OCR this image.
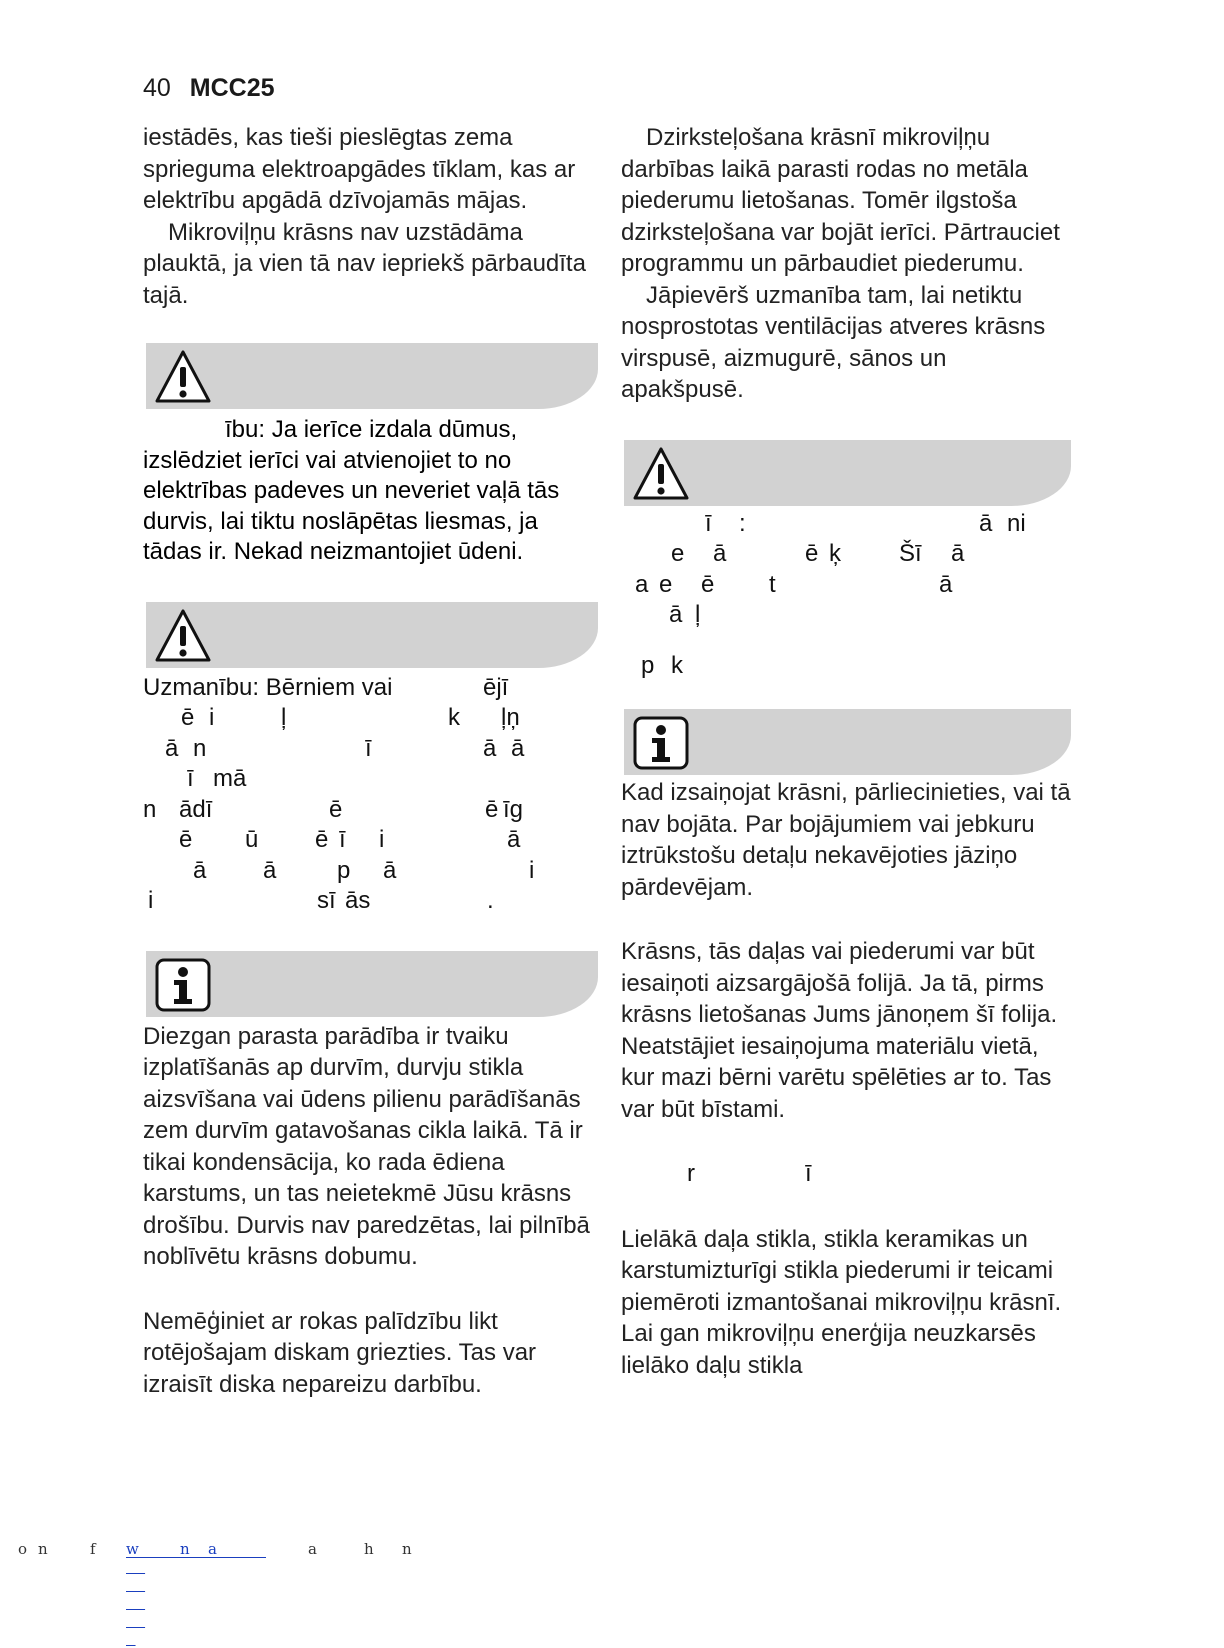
40 MCC25

iestādēs, kas tieši pieslēgtas zema sprieguma elektroapgādes tīklam, kas ar elektrību apgādā dzīvojamās mājas.

Mikroviļņu krāsns nav uzstādāma plauktā, ja vien tā nav iepriekš pārbaudīta tajā.

ību: Ja ierīce izdala dūmus, izslēdziet ierīci vai atvienojiet to no elektrības padeves un neveriet vaļā tās durvis, lai tiktu noslāpētas liesmas, ja tādas ir. Nekad neizmantojiet ūdeni.

Uzmanību: Bērniem vai	ējī
ē i	ļ	k ļņ
ā n	ī	ā ā
ī mā
n ādī	ē	ē īg
ē ū ē ī i	ā
ā ā	p ā	i
i	sī ās	.

Diezgan parasta parādība ir tvaiku izplatīšanās ap durvīm, durvju stikla aizsvīšana vai ūdens pilienu parādīšanās zem durvīm gatavošanas cikla laikā. Tā ir tikai kondensācija, ko rada ēdiena karstums, un tas neietekmē Jūsu krāsns drošību. Durvis nav paredzētas, lai pilnībā noblīvētu krāsns dobumu.

Nemēģiniet ar rokas palīdzību likt rotējošajam diskam griezties. Tas var izraisīt diska nepareizu darbību.

Dzirksteļošana krāsnī mikroviļņu darbības laikā parasti rodas no metāla piederumu lietošanas. Tomēr ilgstoša dzirksteļošana var bojāt ierīci. Pārtrauciet programmu un pārbaudiet piederumu.

Jāpievērš uzmanība tam, lai netiktu nosprostotas ventilācijas atveres krāsns virspusē, aizmugurē, sānos un apakšpusē.

ī :	ā ni
e ā	ē ķ Šī ā
a e ē t	ā
ā ļ
p k

Kad izsaiņojat krāsni, pārliecinieties, vai tā nav bojāta. Par bojājumiem vai jebkuru iztrūkstošu detaļu nekavējoties jāziņo pārdevējam.

Krāsns, tās daļas vai piederumi var būt iesaiņoti aizsargājošā folijā. Ja tā, pirms krāsns lietošanas Jums jānoņem šī folija. Neatstājiet iesaiņojuma materiālu vietā, kur mazi bērni varētu spēlēties ar to. Tas var būt bīstami.

r	ī

Lielākā daļa stikla, stikla keramikas un karstumizturīgi stikla piederumi ir teicami piemēroti izmantošanai mikroviļņu krāsnī. Lai gan mikroviļņu enerģija neuzkarsēs lielāko daļu stikla

o n	f

w

	n

a

	a	h n
